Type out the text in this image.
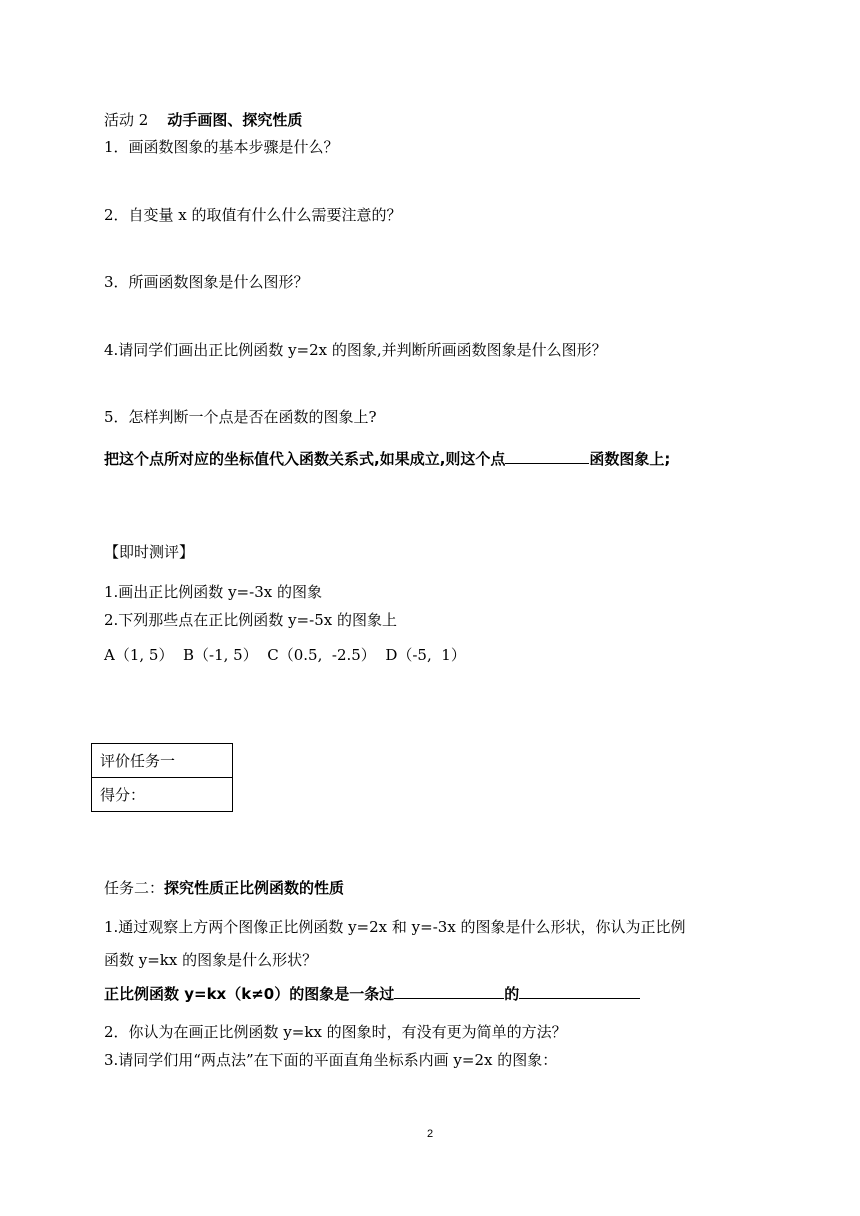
活动 2 动手画图、探究性质
1．画函数图象的基本步骤是什么？
2．自变量 x 的取值有什么什么需要注意的？
3．所画函数图象是什么图形？
4.请同学们画出正比例函数 y=2x 的图象,并判断所画函数图象是什么图形？
5．怎样判断一个点是否在函数的图象上?
把这个点所对应的坐标值代入函数关系式,如果成立,则这个点	函数图象上;
【即时测评】
1.画出正比例函数 y=-3x 的图象
2.下列那些点在正比例函数 y=-5x 的图象上
A（1, 5）  B（-1, 5）  C（0.5,  -2.5）  D（-5,  1）
评价任务一
得分：
任务二：探究性质正比例函数的性质
1.通过观察上方两个图像正比例函数 y=2x 和 y=-3x 的图象是什么形状，你认为正比例
函数 y=kx 的图象是什么形状？
正比例函数 y=kx（k≠0）的图象是一条过	的
2．你认为在画正比例函数 y=kx 的图象时，有没有更为简单的方法？
3.请同学们用“两点法”在下面的平面直角坐标系内画 y=2x 的图象：
2
